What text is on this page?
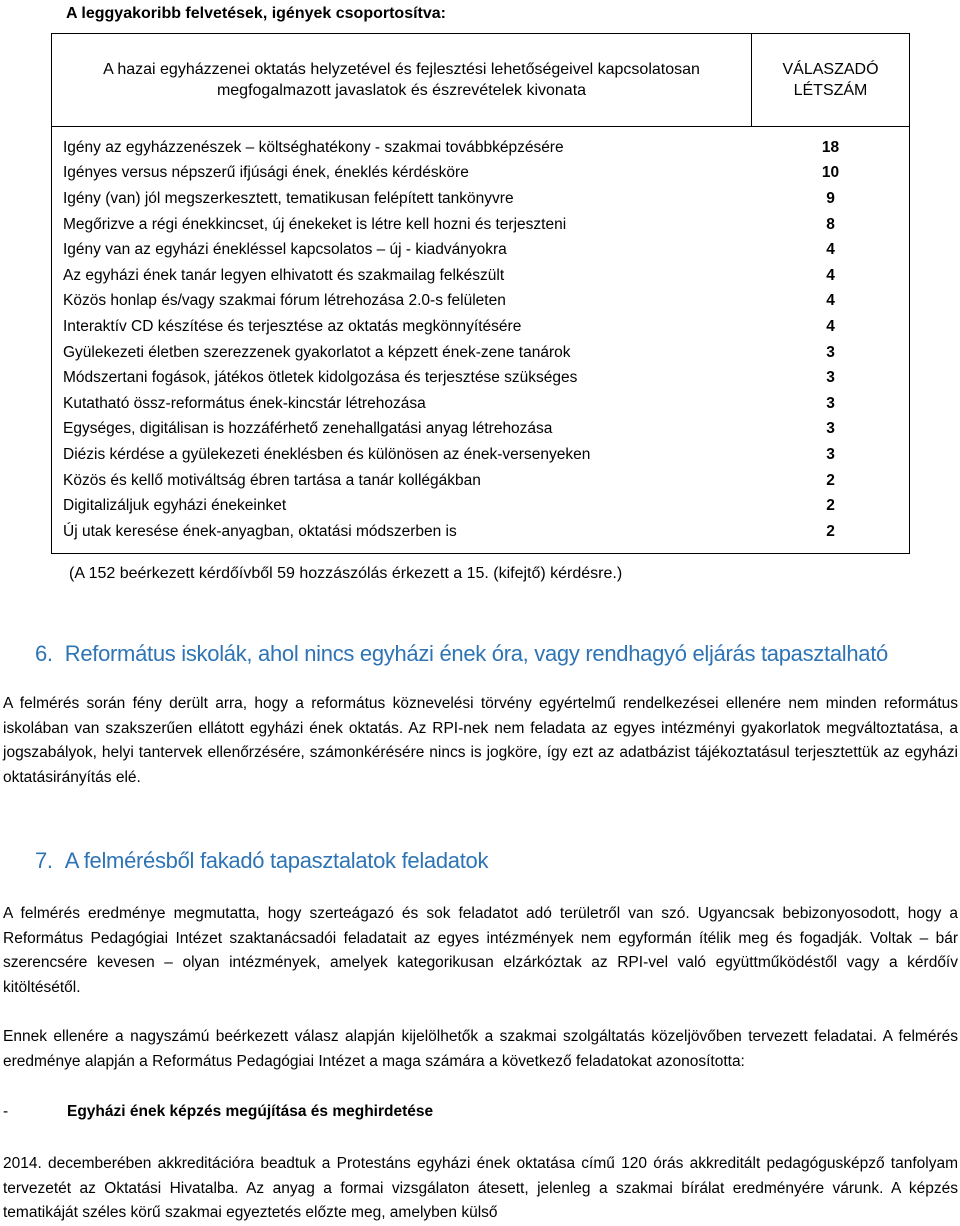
A leggyakoribb felvetések, igények csoportosítva:
A hazai egyházzenei oktatás helyzetével és fejlesztési lehetőségeivel kapcsolatosan megfogalmazott javaslatok és észrevételek kivonata	VÁLASZADÓ LÉTSZÁM

Igény az egyházzenészek – költséghatékony - szakmai továbbképzésére	18
Igényes versus népszerű ifjúsági ének, éneklés kérdésköre	10
Igény (van) jól megszerkesztett, tematikusan felépített tankönyvre	9
Megőrizve a régi énekkincset, új énekeket is létre kell hozni és terjeszteni	8
Igény van az egyházi énekléssel kapcsolatos – új - kiadványokra	4
Az egyházi ének tanár legyen elhivatott és szakmailag felkészült	4
Közös honlap és/vagy szakmai fórum létrehozása 2.0-s felületen	4
Interaktív CD készítése és terjesztése az oktatás megkönnyítésére	4
Gyülekezeti életben szerezzenek gyakorlatot a képzett ének-zene tanárok	3
Módszertani fogások, játékos ötletek kidolgozása és terjesztése szükséges	3
Kutatható össz-református ének-kincstár létrehozása	3
Egységes, digitálisan is hozzáférhető zenehallgatási anyag létrehozása	3
Diézis kérdése a gyülekezeti éneklésben és különösen az ének-versenyeken	3
Közös és kellő motiváltság ébren tartása a tanár kollégákban	2
Digitalizáljuk egyházi énekeinket	2
Új utak keresése ének-anyagban, oktatási módszerben is	2
(A 152 beérkezett kérdőívből 59 hozzászólás érkezett a 15. (kifejtő) kérdésre.)
6. Református iskolák, ahol nincs egyházi ének óra, vagy rendhagyó eljárás tapasztalható
A felmérés során fény derült arra, hogy a református köznevelési törvény egyértelmű rendelkezései ellenére nem minden református iskolában van szakszerűen ellátott egyházi ének oktatás. Az RPI-nek nem feladata az egyes intézményi gyakorlatok megváltoztatása, a jogszabályok, helyi tantervek ellenőrzésére, számonkérésére nincs is jogköre, így ezt az adatbázist tájékoztatásul terjesztettük az egyházi oktatásirányítás elé.
7. A felmérésből fakadó tapasztalatok feladatok
A felmérés eredménye megmutatta, hogy szerteágazó és sok feladatot adó területről van szó. Ugyancsak bebizonyosodott, hogy a Református Pedagógiai Intézet szaktanácsadói feladatait az egyes intézmények nem egyformán ítélik meg és fogadják. Voltak – bár szerencsére kevesen – olyan intézmények, amelyek kategorikusan elzárkóztak az RPI-vel való együttműködéstől vagy a kérdőív kitöltésétől.
Ennek ellenére a nagyszámú beérkezett válasz alapján kijelölhetők a szakmai szolgáltatás közeljövőben tervezett feladatai. A felmérés eredménye alapján a Református Pedagógiai Intézet a maga számára a következő feladatokat azonosította:
-	Egyházi ének képzés megújítása és meghirdetése
2014. decemberében akkreditációra beadtuk a Protestáns egyházi ének oktatása című 120 órás akkreditált pedagógusképző tanfolyam tervezetét az Oktatási Hivatalba. Az anyag a formai vizsgálaton átesett, jelenleg a szakmai bírálat eredményére várunk. A képzés tematikáját széles körű szakmai egyeztetés előzte meg, amelyben külső
